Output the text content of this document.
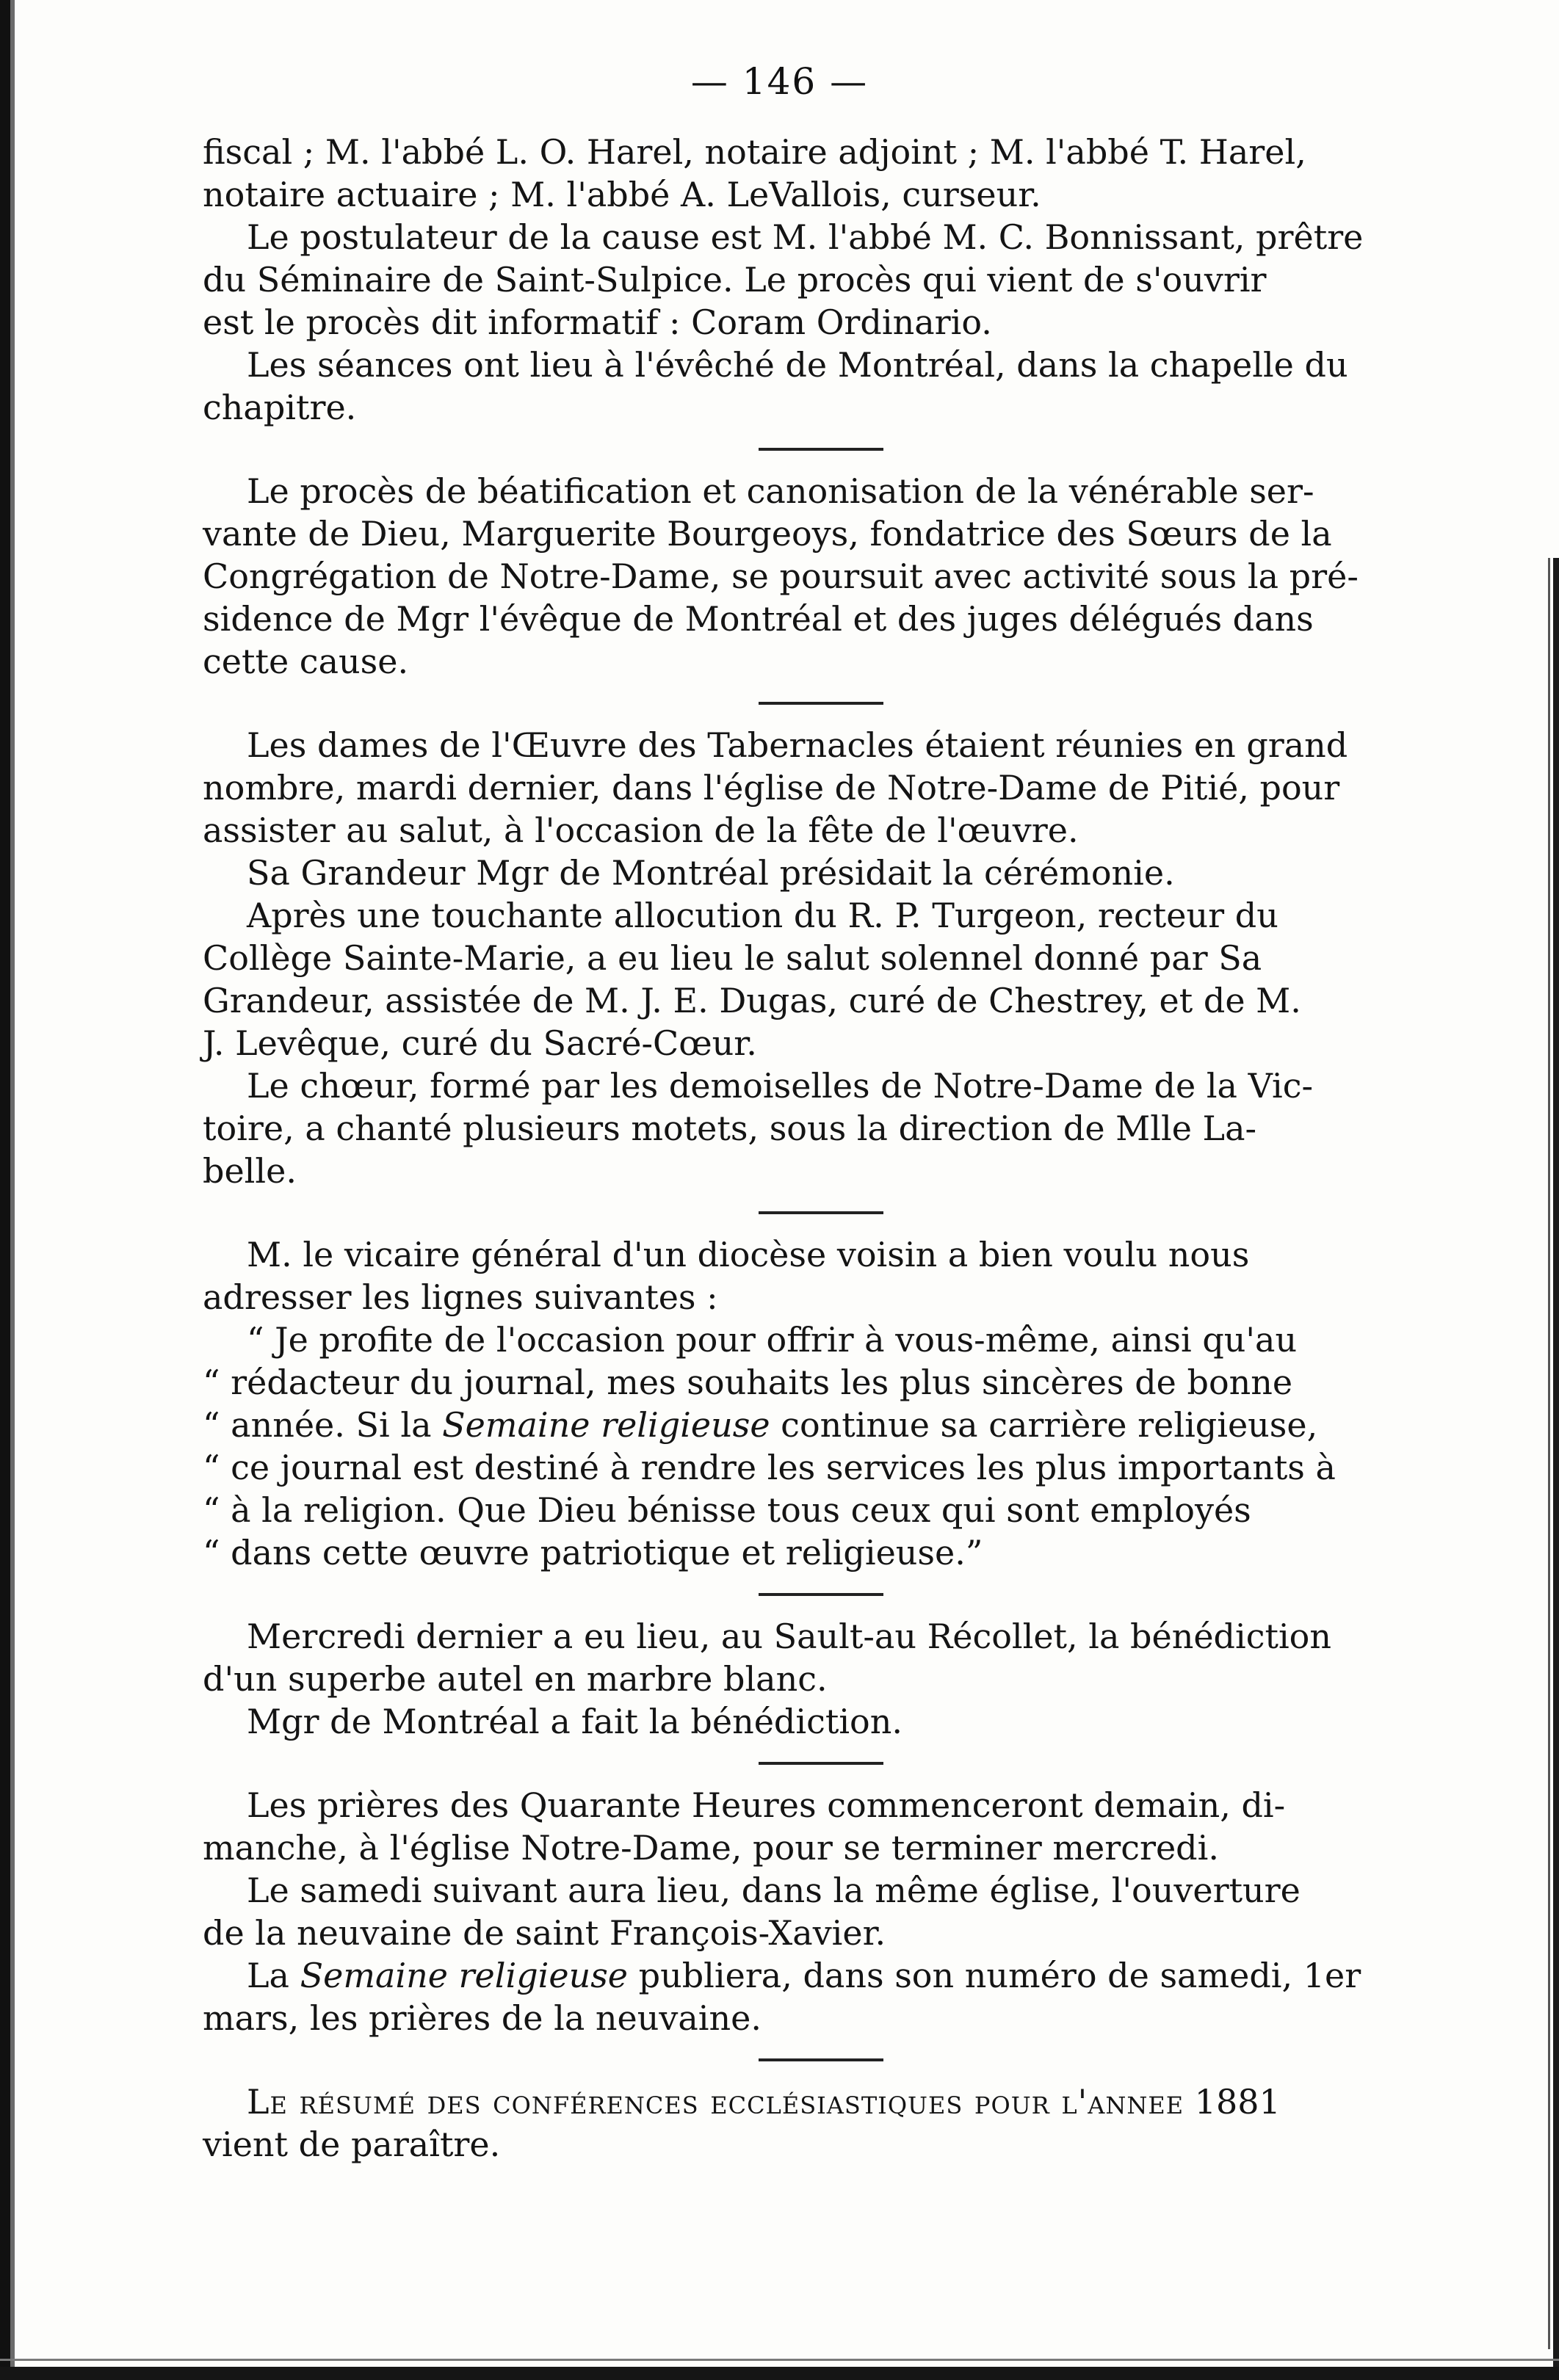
— 146 —

fiscal ; M. l'abbé L. O. Harel, notaire adjoint ; M. l'abbé T. Harel,
notaire actuaire ; M. l'abbé A. LeVallois, curseur.

Le postulateur de la cause est M. l'abbé M. C. Bonnissant, prêtre
du Séminaire de Saint-Sulpice. Le procès qui vient de s'ouvrir
est le procès dit informatif : Coram Ordinario.

Les séances ont lieu à l'évêché de Montréal, dans la chapelle du
chapitre.

Le procès de béatification et canonisation de la vénérable ser-
vante de Dieu, Marguerite Bourgeoys, fondatrice des Sœurs de la
Congrégation de Notre-Dame, se poursuit avec activité sous la pré-
sidence de Mgr l'évêque de Montréal et des juges délégués dans
cette cause.

Les dames de l'Œuvre des Tabernacles étaient réunies en grand
nombre, mardi dernier, dans l'église de Notre-Dame de Pitié, pour
assister au salut, à l'occasion de la fête de l'œuvre.

Sa Grandeur Mgr de Montréal présidait la cérémonie.

Après une touchante allocution du R. P. Turgeon, recteur du
Collège Sainte-Marie, a eu lieu le salut solennel donné par Sa
Grandeur, assistée de M. J. E. Dugas, curé de Chestrey, et de M.
J. Levêque, curé du Sacré-Cœur.

Le chœur, formé par les demoiselles de Notre-Dame de la Vic-
toire, a chanté plusieurs motets, sous la direction de Mlle La-
belle.

M. le vicaire général d'un diocèse voisin a bien voulu nous
adresser les lignes suivantes :

“ Je profite de l'occasion pour offrir à vous-même, ainsi qu'au
“ rédacteur du journal, mes souhaits les plus sincères de bonne
“ année. Si la Semaine religieuse continue sa carrière religieuse,
“ ce journal est destiné à rendre les services les plus importants à
“ à la religion. Que Dieu bénisse tous ceux qui sont employés
“ dans cette œuvre patriotique et religieuse.”

Mercredi dernier a eu lieu, au Sault-au Récollet, la bénédiction
d'un superbe autel en marbre blanc.

Mgr de Montréal a fait la bénédiction.

Les prières des Quarante Heures commenceront demain, di-
manche, à l'église Notre-Dame, pour se terminer mercredi.

Le samedi suivant aura lieu, dans la même église, l'ouverture
de la neuvaine de saint François-Xavier.

La Semaine religieuse publiera, dans son numéro de samedi, 1er
mars, les prières de la neuvaine.

Le résumé des conférences ecclésiastiques pour l'annee 1881
vient de paraître.
